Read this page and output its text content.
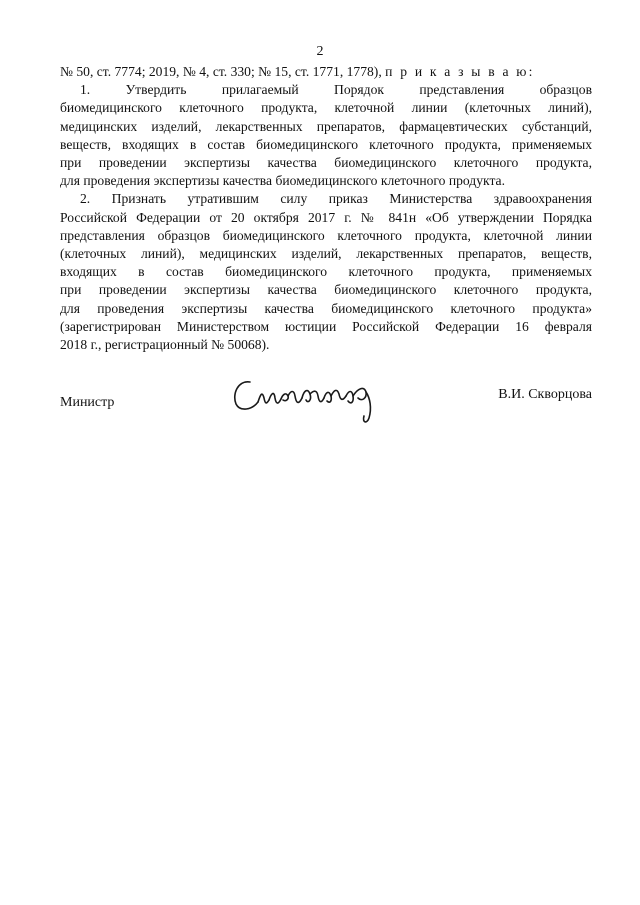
2
№ 50, ст. 7774; 2019, № 4, ст. 330; № 15, ст. 1771, 1778), п р и к а з ы в а ю:
1. Утвердить прилагаемый Порядок представления образцов
биомедицинского клеточного продукта, клеточной линии (клеточных линий),
медицинских изделий, лекарственных препаратов, фармацевтических субстанций,
веществ, входящих в состав биомедицинского клеточного продукта, применяемых
при проведении экспертизы качества биомедицинского клеточного продукта,
для проведения экспертизы качества биомедицинского клеточного продукта.
2. Признать утратившим силу приказ Министерства здравоохранения
Российской Федерации от 20 октября 2017 г. № 841н «Об утверждении Порядка
представления образцов биомедицинского клеточного продукта, клеточной линии
(клеточных линий), медицинских изделий, лекарственных препаратов, веществ,
входящих в состав биомедицинского клеточного продукта, применяемых
при проведении экспертизы качества биомедицинского клеточного продукта,
для проведения экспертизы качества биомедицинского клеточного продукта»
(зарегистрирован Министерством юстиции Российской Федерации 16 февраля
2018 г., регистрационный № 50068).
Министр
В.И. Скворцова
